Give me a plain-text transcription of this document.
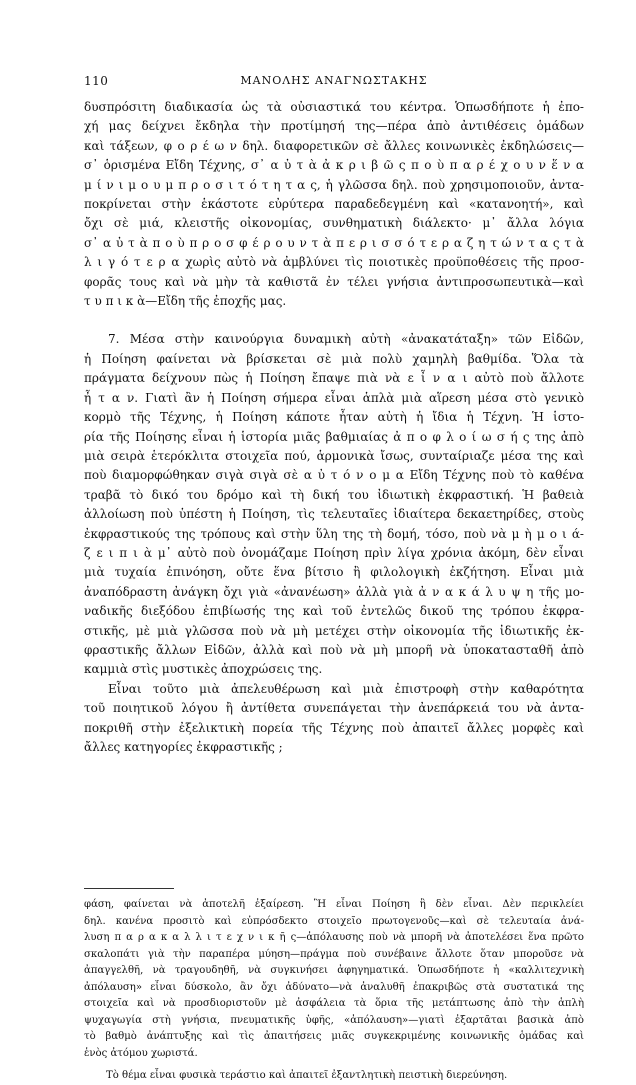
110	ΜΑΝΟΛΗΣ ΑΝΑΓΝΩΣΤΑΚΗΣ
δυσπρόσιτη διαδικασία ὡς τὰ οὐσιαστικά του κέντρα. Ὁπωσδήποτε ἡ ἐπο-
χή μας δείχνει ἔκδηλα τὴν προτίμησή της—πέρα ἀπὸ ἀντιθέσεις ὁμάδων
καὶ τάξεων, φ ο ρ έ ω ν δηλ. διαφορετικῶν σὲ ἄλλες κοινωνικὲς ἐκδηλώσεις—
σ᾽ ὁρισμένα Εἴδη Τέχνης, σ᾽ α ὐ τ ὰ ἀ κ ρ ι β ῶ ς π ο ὺ π α ρ έ χ ο υ ν ἕ ν α
μ ί ν ι μ ο υ μ π ρ ο σ ι τ ό τ η τ α ς, ἡ γλῶσσα δηλ. ποὺ χρησιμοποιοῦν, ἀντα-
ποκρίνεται στὴν ἑκάστοτε εὐρύτερα παραδεδεγμένη καὶ «κατανοητή», καὶ
ὄχι σὲ μιά, κλειστῆς οἰκονομίας, συνθηματικὴ διάλεκτο· μ᾽ ἄλλα λόγια
σ᾽ α ὐ τ ὰ π ο ὺ π ρ ο σ φ έ ρ ο υ ν τ ὰ π ε ρ ι σ σ ό τ ε ρ α ζ η τ ώ ν τ α ς τ ὰ
λ ι γ ό τ ε ρ α χωρὶς αὐτὸ νὰ ἀμβλύνει τὶς ποιοτικὲς προϋποθέσεις τῆς προσ-
φορᾶς τους καὶ νὰ μὴν τὰ καθιστᾶ ἐν τέλει γνήσια ἀντιπροσωπευτικὰ—καὶ
τ υ π ι κ ὰ—Εἴδη τῆς ἐποχῆς μας.
7. Μέσα στὴν καινούργια δυναμικὴ αὐτὴ «ἀνακατάταξη» τῶν Εἰδῶν,
ἡ Ποίηση φαίνεται νὰ βρίσκεται σὲ μιὰ πολὺ χαμηλὴ βαθμίδα. Ὅλα τὰ
πράγματα δείχνουν πὼς ἡ Ποίηση ἔπαψε πιὰ νὰ ε ἶ ν α ι αὐτὸ ποὺ ἄλλοτε
ἦ τ α ν. Γιατὶ ἂν ἡ Ποίηση σήμερα εἶναι ἁπλὰ μιὰ αἵρεση μέσα στὸ γενικὸ
κορμὸ τῆς Τέχνης, ἡ Ποίηση κάποτε ἦταν αὐτὴ ἡ ἴδια ἡ Τέχνη. Ἡ ἱστο-
ρία τῆς Ποίησης εἶναι ἡ ἱστορία μιᾶς βαθμιαίας ἀ π ο φ λ ο ί ω σ ή ς της ἀπὸ
μιὰ σειρὰ ἑτερόκλιτα στοιχεῖα πού, ἁρμονικὰ ἴσως, συνταίριαζε μέσα της καὶ
ποὺ διαμορφώθηκαν σιγὰ σιγὰ σὲ α ὐ τ ό ν ο μ α Εἴδη Τέχνης ποὺ τὸ καθένα
τραβᾶ τὸ δικό του δρόμο καὶ τὴ δική του ἰδιωτικὴ ἐκφραστική. Ἡ βαθειὰ
ἀλλοίωση ποὺ ὑπέστη ἡ Ποίηση, τὶς τελευταῖες ἰδιαίτερα δεκαετηρίδες, στοὺς
ἐκφραστικούς της τρόπους καὶ στὴν ὕλη της τὴ δομή, τόσο, ποὺ νὰ μ ὴ μ ο ι ά-
ζ ε ι π ι ὰ μ᾽ αὐτὸ ποὺ ὀνομάζαμε Ποίηση πρὶν λίγα χρόνια ἀκόμη, δὲν εἶναι
μιὰ τυχαία ἐπινόηση, οὔτε ἕνα βίτσιο ἢ φιλολογικὴ ἐκζήτηση. Εἶναι μιὰ
ἀναπόδραστη ἀνάγκη ὄχι γιὰ «ἀνανέωση» ἀλλὰ γιὰ ἀ ν α κ ά λ υ ψ η τῆς μο-
ναδικῆς διεξόδου ἐπιβίωσής της καὶ τοῦ ἐντελῶς δικοῦ της τρόπου ἐκφρα-
στικῆς, μὲ μιὰ γλῶσσα ποὺ νὰ μὴ μετέχει στὴν οἰκονομία τῆς ἰδιωτικῆς ἐκ-
φραστικῆς ἄλλων Εἰδῶν, ἀλλὰ καὶ ποὺ νὰ μὴ μπορῆ νὰ ὑποκατασταθῆ ἀπὸ
καμμιὰ στὶς μυστικὲς ἀποχρώσεις της.
Εἶναι τοῦτο μιὰ ἀπελευθέρωση καὶ μιὰ ἐπιστροφὴ στὴν καθαρότητα
τοῦ ποιητικοῦ λόγου ἢ ἀντίθετα συνεπάγεται τὴν ἀνεπάρκειά του νὰ ἀντα-
ποκριθῆ στὴν ἐξελικτικὴ πορεία τῆς Τέχνης ποὺ ἀπαιτεῖ ἄλλες μορφὲς καὶ
ἄλλες κατηγορίες ἐκφραστικῆς ;
φάση, φαίνεται νὰ ἀποτελῆ ἐξαίρεση. Ἢ εἶναι Ποίηση ἢ δὲν εἶναι. Δὲν περικλείει
δηλ. κανένα προσιτὸ καὶ εὐπρόσδεκτο στοιχεῖο πρωτογενοῦς—καὶ σὲ τελευταία ἀνά-
λυση π α ρ α κ α λ λ ι τ ε χ ν ι κ ῆ ς—ἀπόλαυσης ποὺ νὰ μπορῆ νὰ ἀποτελέσει ἕνα πρῶτο
σκαλοπάτι γιὰ τὴν παραπέρα μύηση—πράγμα ποὺ συνέβαινε ἄλλοτε ὅταν μποροῦσε νὰ
ἀπαγγελθῆ, νὰ τραγουδηθῆ, νὰ συγκινήσει ἀφηγηματικά. Ὁπωσδήποτε ἡ «καλλιτεχνικὴ
ἀπόλαυση» εἶναι δύσκολο, ἂν ὄχι ἀδύνατο—νὰ ἀναλυθῆ ἐπακριβῶς στὰ συστατικά της
στοιχεῖα καὶ νὰ προσδιοριστοῦν μὲ ἀσφάλεια τὰ ὅρια τῆς μετάπτωσης ἀπὸ τὴν ἁπλὴ
ψυχαγωγία στὴ γνήσια, πνευματικῆς ὑφῆς, «ἀπόλαυση»—γιατὶ ἐξαρτᾶται βασικὰ ἀπὸ
τὸ βαθμὸ ἀνάπτυξης καὶ τὶς ἀπαιτήσεις μιᾶς συγκεκριμένης κοινωνικῆς ὁμάδας καὶ
ἑνὸς ἀτόμου χωριστά.
Τὸ θέμα εἶναι φυσικὰ τεράστιο καὶ ἀπαιτεῖ ἐξαντλητικὴ πειστικὴ διερεύνηση.
